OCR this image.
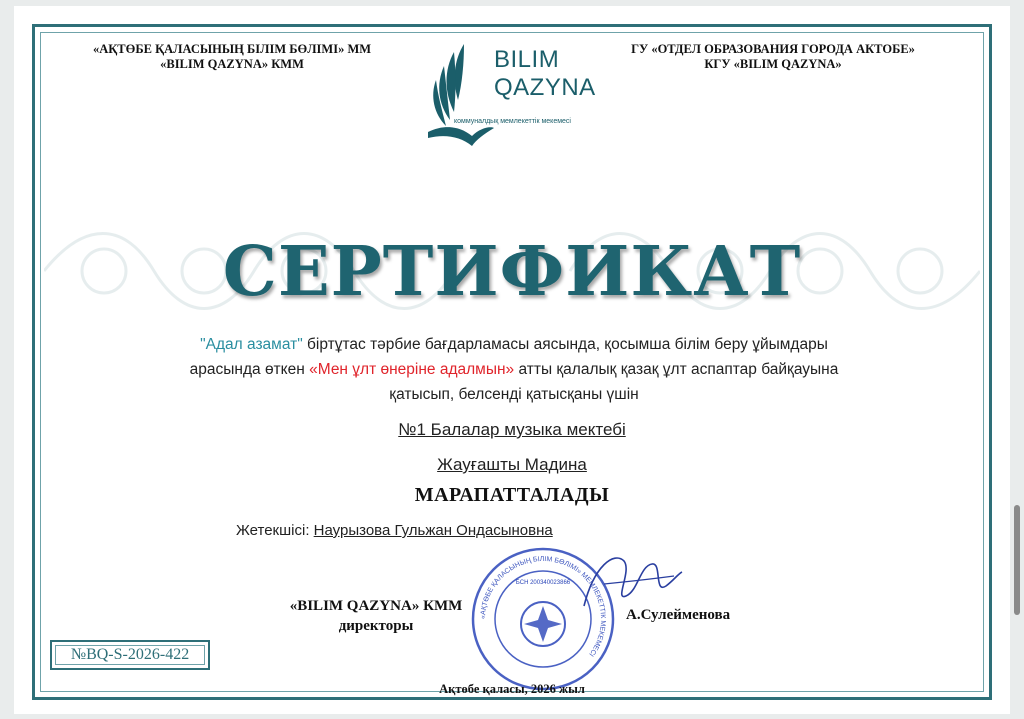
«АҚТӨБЕ ҚАЛАСЫНЫҢ БІЛІМ БӨЛІМІ» ММ
«BILIM QAZYNA» КММ
ГУ «ОТДЕЛ ОБРАЗОВАНИЯ ГОРОДА АКТОБЕ»
КГУ «BILIM QAZYNA»
BILIM
QAZYNA
коммуналдық мемлекеттік мекемесі
СЕРТИФИКАТ
"Адал азамат" біртұтас тәрбие бағдарламасы аясында, қосымша білім беру ұйымдары арасында өткен «Мен ұлт өнеріне адалмын» атты қалалық қазақ ұлт аспаптар байқауына қатысып, белсенді қатысқаны үшін
№1 Балалар музыка мектебі
Жауғашты Мадина
МАРАПАТТАЛАДЫ
Жетекшісі: Наурызова Гульжан Ондасыновна
«АҚТӨБЕ ҚАЛАСЫНЫҢ БІЛІМ БӨЛІМІ» МЕМЛЕКЕТТІК МЕКЕМЕСІ
БСН 200340023866
«BILIM QAZYNA» КММ
директоры
А.Сулейменова
№BQ-S-2026-422
Ақтөбе қаласы, 2026 жыл
